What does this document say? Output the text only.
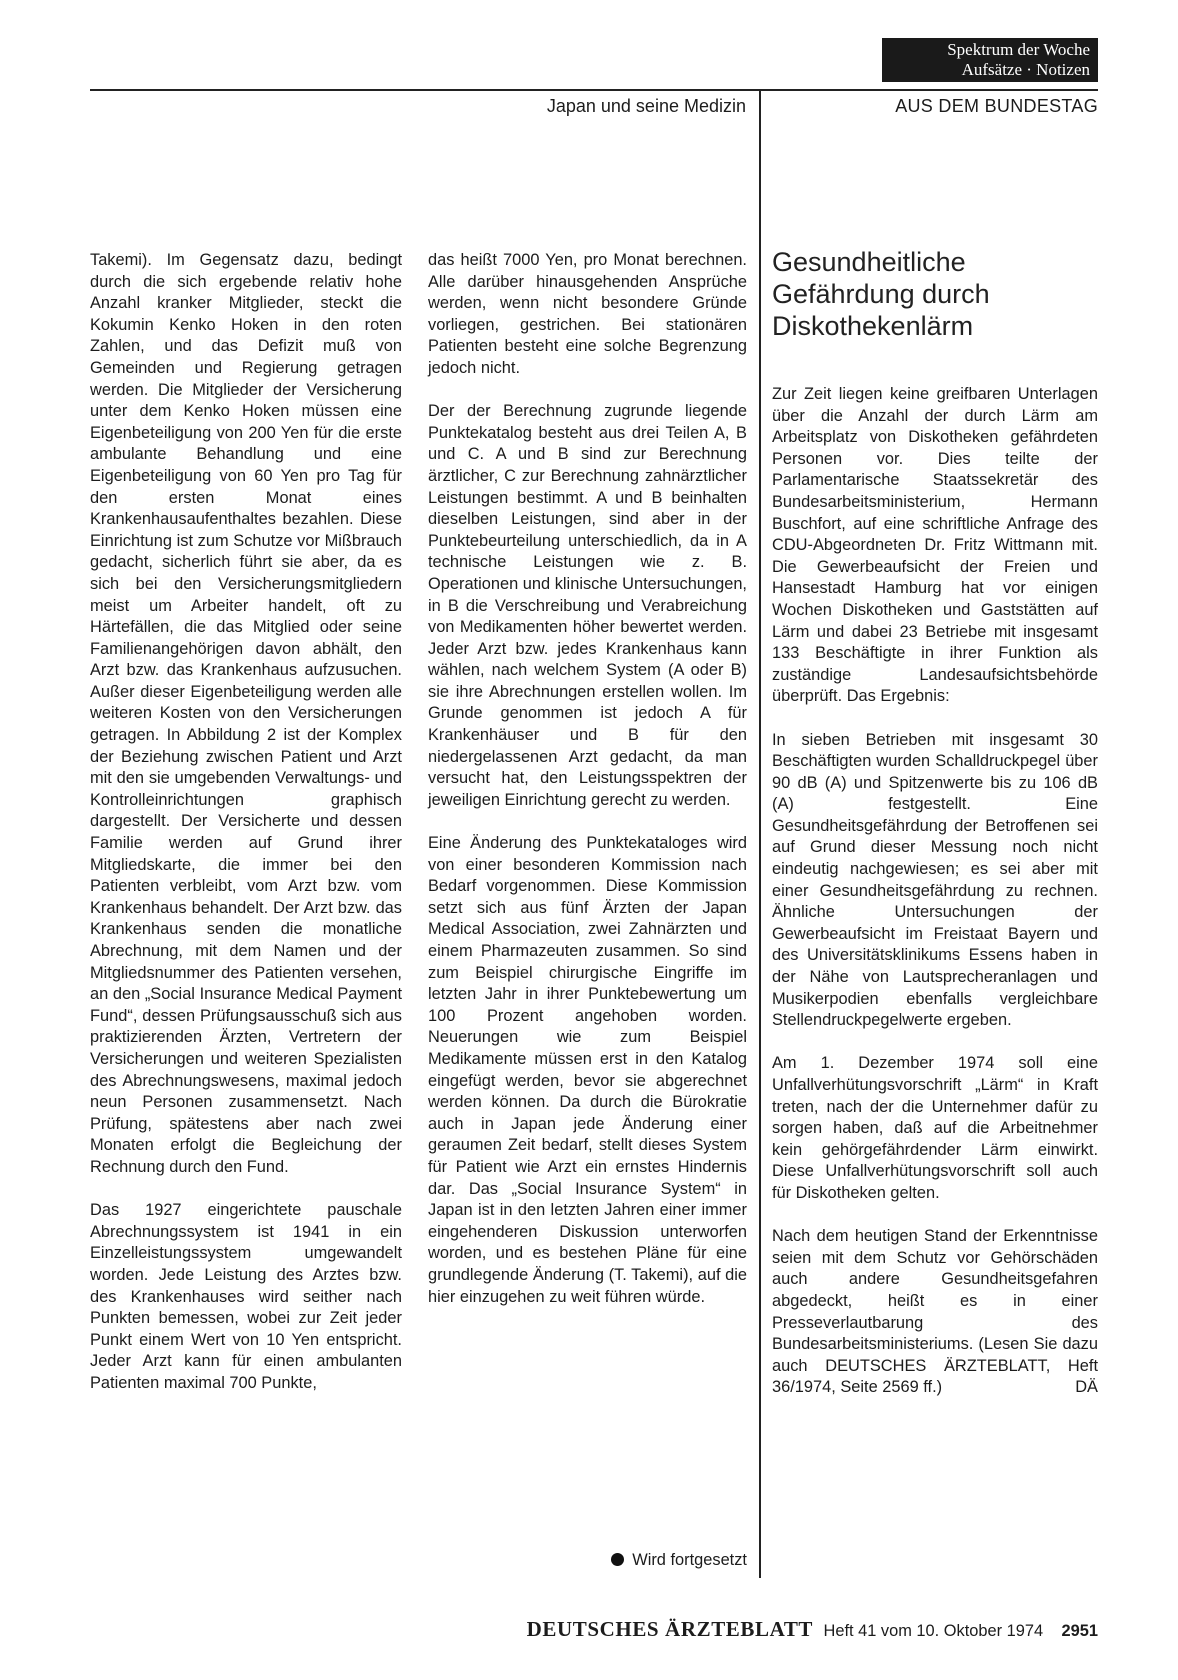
Spektrum der Woche
Aufsätze · Notizen
Japan und seine Medizin	AUS DEM BUNDESTAG

Takemi). Im Gegensatz dazu, bedingt durch die sich ergebende relativ hohe Anzahl kranker Mitglieder, steckt die Kokumin Kenko Hoken in den roten Zahlen, und das Defizit muß von Gemeinden und Regierung getragen werden. Die Mitglieder der Versicherung unter dem Kenko Hoken müssen eine Eigenbeteiligung von 200 Yen für die erste ambulante Behandlung und eine Eigenbeteiligung von 60 Yen pro Tag für den ersten Monat eines Krankenhausaufenthaltes bezahlen. Diese Einrichtung ist zum Schutze vor Mißbrauch gedacht, sicherlich führt sie aber, da es sich bei den Versicherungsmitgliedern meist um Arbeiter handelt, oft zu Härtefällen, die das Mitglied oder seine Familienangehörigen davon abhält, den Arzt bzw. das Krankenhaus aufzusuchen. Außer dieser Eigenbeteiligung werden alle weiteren Kosten von den Versicherungen getragen. In Abbildung 2 ist der Komplex der Beziehung zwischen Patient und Arzt mit den sie umgebenden Verwaltungs- und Kontrolleinrichtungen graphisch dargestellt. Der Versicherte und dessen Familie werden auf Grund ihrer Mitgliedskarte, die immer bei den Patienten verbleibt, vom Arzt bzw. vom Krankenhaus behandelt. Der Arzt bzw. das Krankenhaus senden die monatliche Abrechnung, mit dem Namen und der Mitgliedsnummer des Patienten versehen, an den „Social Insurance Medical Payment Fund“, dessen Prüfungsausschuß sich aus praktizierenden Ärzten, Vertretern der Versicherungen und weiteren Spezialisten des Abrechnungswesens, maximal jedoch neun Personen zusammensetzt. Nach Prüfung, spätestens aber nach zwei Monaten erfolgt die Begleichung der Rechnung durch den Fund.

Das 1927 eingerichtete pauschale Abrechnungssystem ist 1941 in ein Einzelleistungssystem umgewandelt worden. Jede Leistung des Arztes bzw. des Krankenhauses wird seither nach Punkten bemessen, wobei zur Zeit jeder Punkt einem Wert von 10 Yen entspricht. Jeder Arzt kann für einen ambulanten Patienten maximal 700 Punkte,

das heißt 7000 Yen, pro Monat berechnen. Alle darüber hinausgehenden Ansprüche werden, wenn nicht besondere Gründe vorliegen, gestrichen. Bei stationären Patienten besteht eine solche Begrenzung jedoch nicht.

Der der Berechnung zugrunde liegende Punktekatalog besteht aus drei Teilen A, B und C. A und B sind zur Berechnung ärztlicher, C zur Berechnung zahnärztlicher Leistungen bestimmt. A und B beinhalten dieselben Leistungen, sind aber in der Punktebeurteilung unterschiedlich, da in A technische Leistungen wie z. B. Operationen und klinische Untersuchungen, in B die Verschreibung und Verabreichung von Medikamenten höher bewertet werden. Jeder Arzt bzw. jedes Krankenhaus kann wählen, nach welchem System (A oder B) sie ihre Abrechnungen erstellen wollen. Im Grunde genommen ist jedoch A für Krankenhäuser und B für den niedergelassenen Arzt gedacht, da man versucht hat, den Leistungsspektren der jeweiligen Einrichtung gerecht zu werden.

Eine Änderung des Punktekataloges wird von einer besonderen Kommission nach Bedarf vorgenommen. Diese Kommission setzt sich aus fünf Ärzten der Japan Medical Association, zwei Zahnärzten und einem Pharmazeuten zusammen. So sind zum Beispiel chirurgische Eingriffe im letzten Jahr in ihrer Punktebewertung um 100 Prozent angehoben worden. Neuerungen wie zum Beispiel Medikamente müssen erst in den Katalog eingefügt werden, bevor sie abgerechnet werden können. Da durch die Bürokratie auch in Japan jede Änderung einer geraumen Zeit bedarf, stellt dieses System für Patient wie Arzt ein ernstes Hindernis dar. Das „Social Insurance System“ in Japan ist in den letzten Jahren einer immer eingehenderen Diskussion unterworfen worden, und es bestehen Pläne für eine grundlegende Änderung (T. Takemi), auf die hier einzugehen zu weit führen würde.

Wird fortgesetzt
Gesundheitliche
Gefährdung durch
Diskothekenlärm

Zur Zeit liegen keine greifbaren Unterlagen über die Anzahl der durch Lärm am Arbeitsplatz von Diskotheken gefährdeten Personen vor. Dies teilte der Parlamentarische Staatssekretär des Bundesarbeitsministerium, Hermann Buschfort, auf eine schriftliche Anfrage des CDU-Abgeordneten Dr. Fritz Wittmann mit. Die Gewerbeaufsicht der Freien und Hansestadt Hamburg hat vor einigen Wochen Diskotheken und Gaststätten auf Lärm und dabei 23 Betriebe mit insgesamt 133 Beschäftigte in ihrer Funktion als zuständige Landesaufsichtsbehörde überprüft. Das Ergebnis:

In sieben Betrieben mit insgesamt 30 Beschäftigten wurden Schalldruckpegel über 90 dB (A) und Spitzenwerte bis zu 106 dB (A) festgestellt. Eine Gesundheitsgefährdung der Betroffenen sei auf Grund dieser Messung noch nicht eindeutig nachgewiesen; es sei aber mit einer Gesundheitsgefährdung zu rechnen. Ähnliche Untersuchungen der Gewerbeaufsicht im Freistaat Bayern und des Universitätsklinikums Essens haben in der Nähe von Lautsprecheranlagen und Musikerpodien ebenfalls vergleichbare Stellendruckpegelwerte ergeben.

Am 1. Dezember 1974 soll eine Unfallverhütungsvorschrift „Lärm“ in Kraft treten, nach der die Unternehmer dafür zu sorgen haben, daß auf die Arbeitnehmer kein gehörgefährdender Lärm einwirkt. Diese Unfallverhütungsvorschrift soll auch für Diskotheken gelten.

Nach dem heutigen Stand der Erkenntnisse seien mit dem Schutz vor Gehörschäden auch andere Gesundheitsgefahren abgedeckt, heißt es in einer Presseverlautbarung des Bundesarbeitsministeriums. (Lesen Sie dazu auch DEUTSCHES ÄRZTEBLATT, Heft 36/1974, Seite 2569 ff.)	DÄ

DEUTSCHES ÄRZTEBLATT Heft 41 vom 10. Oktober 1974 2951
